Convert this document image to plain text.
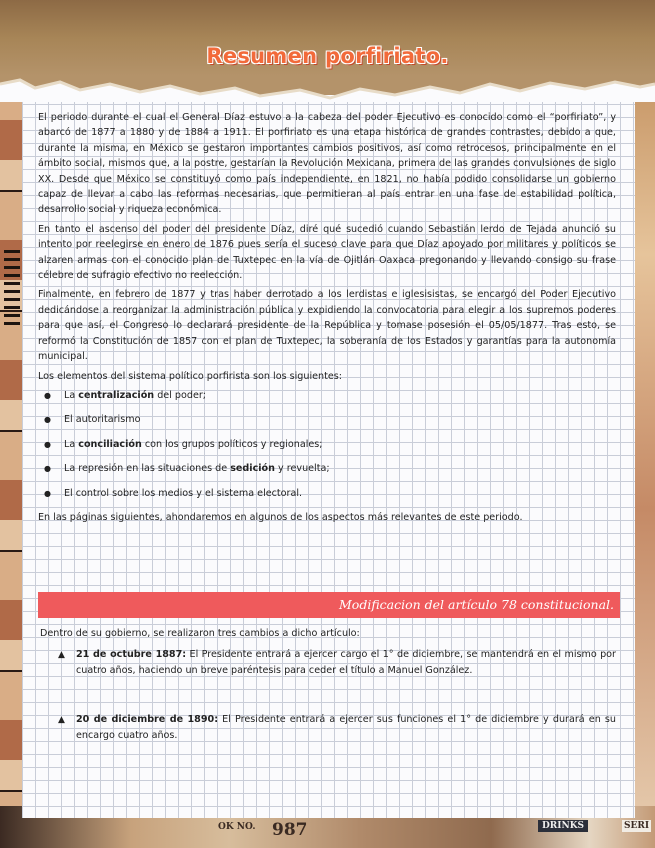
OK NO. 987	DRINKS	SERI
Resumen porfiriato.

El periodo durante el cual el General Díaz estuvo a la cabeza del poder Ejecutivo es conocido como el “porfiriato”, y abarcó de 1877 a 1880 y de 1884 a 1911. El porfiriato es una etapa histórica de grandes contrastes, debido a que, durante la misma, en México se gestaron importantes cambios positivos, así como retrocesos, principalmente en el ámbito social, mismos que, a la postre, gestarían la Revolución Mexicana, primera de las grandes convulsiones de siglo XX. Desde que México se constituyó como país independiente, en 1821, no había podido consolidarse un gobierno capaz de llevar a cabo las reformas necesarias, que permitieran al país entrar en una fase de estabilidad política, desarrollo social y riqueza económica.

En tanto el ascenso del poder del presidente Díaz, diré qué sucedió cuando Sebastián lerdo de Tejada anunció su intento por reelegirse en enero de 1876 pues sería el suceso clave para que Díaz apoyado por militares y políticos se alzaren armas con el conocido plan de Tuxtepec en la vía de Ojitlán Oaxaca pregonando y llevando consigo su frase célebre de sufragio efectivo no reelección.

Finalmente, en febrero de 1877 y tras haber derrotado a los lerdistas e iglesisistas, se encargó del Poder Ejecutivo dedicándose a reorganizar la administración pública y expidiendo la convocatoria para elegir a los supremos poderes para que así, el Congreso lo declarará presidente de la República y tomase posesión el 05/05/1877. Tras esto, se reformó la Constitución de 1857 con el plan de Tuxtepec, la soberanía de los Estados y garantías para la autonomía municipal.

Los elementos del sistema político porfirista son los siguientes:

● La centralización del poder;
● El autoritarismo
● La conciliación con los grupos políticos y regionales;
● La represión en las situaciones de sedición y revuelta;
● El control sobre los medios y el sistema electoral.

En las páginas siguientes, ahondaremos en algunos de los aspectos más relevantes de este periodo.

Modificacion del artículo 78 constitucional.

Dentro de su gobierno, se realizaron tres cambios a dicho artículo:

▲ 21 de octubre 1887: El Presidente entrará a ejercer cargo el 1° de diciembre, se mantendrá en el mismo por cuatro años, haciendo un breve paréntesis para ceder el título a Manuel González.
▲ 20 de diciembre de 1890: El Presidente entrará a ejercer sus funciones el 1° de diciembre y durará en su encargo cuatro años.
